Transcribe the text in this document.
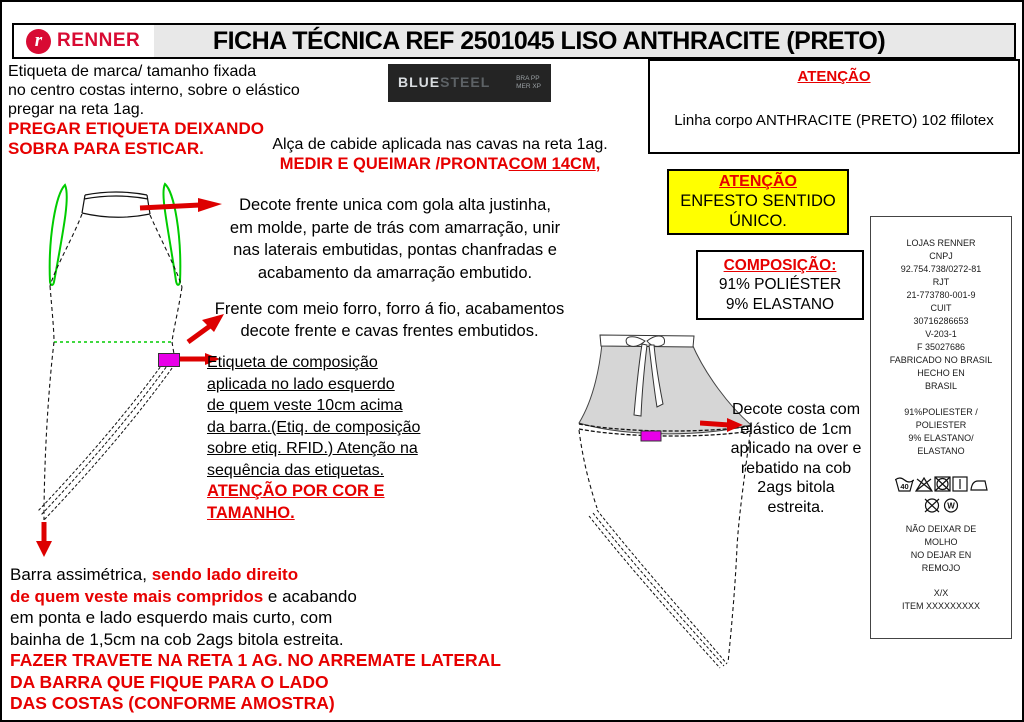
r RENNER	FICHA TÉCNICA REF 2501045 LISO ANTHRACITE (PRETO)
Etiqueta de marca/ tamanho fixada
no centro costas interno, sobre o elástico
pregar na reta 1ag.
PREGAR ETIQUETA DEIXANDO
SOBRA PARA ESTICAR.
BLUESTEEL	BRA PP
MER XP
Alça de cabide aplicada nas cavas na reta 1ag.
MEDIR E QUEIMAR /PRONTACOM 14CM,
ATENÇÃO
Linha corpo ANTHRACITE (PRETO) 102 ffilotex
ATENÇÃO
ENFESTO SENTIDO
ÚNICO.
COMPOSIÇÃO:
91% POLIÉSTER
9% ELASTANO
LOJAS RENNER
CNPJ
92.754.738/0272-81
RJT
21-773780-001-9
CUIT
30716286653
V-203-1
F 35027686
FABRICADO NO BRASIL
HECHO EN
BRASIL
91%POLIESTER /
POLIESTER
9% ELASTANO/
ELASTANO
40
W
NÃO DEIXAR DE
MOLHO
NO DEJAR EN
REMOJO
X/X
ITEM XXXXXXXXX
Decote frente unica com gola alta justinha,
em molde, parte de trás com amarração, unir
nas laterais embutidas, pontas chanfradas e
acabamento da amarração embutido.
Frente com meio forro, forro á fio, acabamentos
decote frente e cavas frentes embutidos.
Etiqueta de composição
aplicada no lado esquerdo
de quem veste 10cm acima
da barra.(Etiq. de composição
sobre etiq. RFID.) Atenção na
sequência das etiquetas.
ATENÇÃO POR COR E
TAMANHO.
Decote costa com
elástico de 1cm
aplicado na over e
rebatido na cob
2ags bitola
estreita.
Barra assimétrica, sendo lado direito
de quem veste mais compridos e acabando
em ponta e lado esquerdo mais curto, com
bainha de 1,5cm na cob 2ags bitola estreita.
FAZER TRAVETE NA RETA 1 AG. NO ARREMATE LATERAL
DA BARRA QUE FIQUE PARA O LADO
DAS COSTAS (CONFORME AMOSTRA)
